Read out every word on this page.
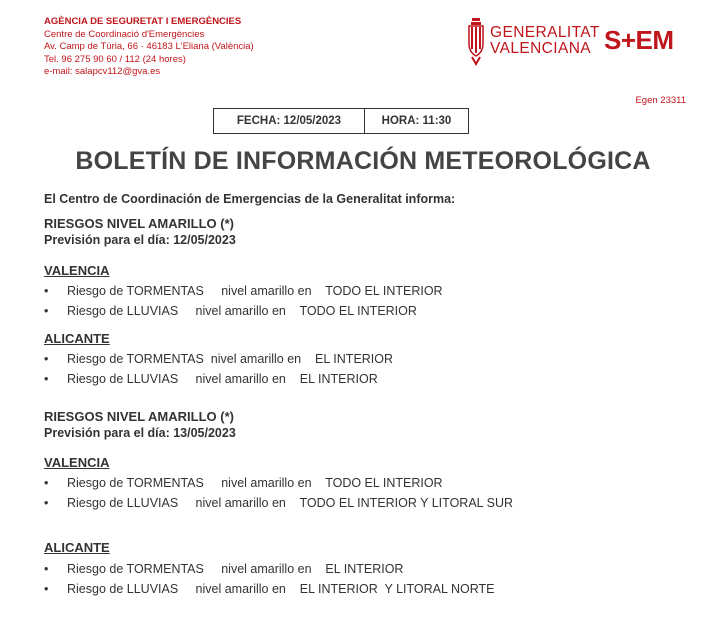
AGÈNCIA DE SEGURETAT I EMERGÈNCIES
Centre de Coordinació d'Emergències
Av. Camp de Túria, 66 · 46183 L'Eliana (València)
Tel. 96 275 90 60 / 112 (24 hores)
e-mail: salapcv112@gva.es
GENERALITAT
VALENCIANA S+EM
Egen 23311
FECHA: 12/05/2023	HORA: 11:30
BOLETÍN DE INFORMACIÓN METEOROLÓGICA
El Centro de Coordinación de Emergencias de la Generalitat informa:
RIESGOS NIVEL AMARILLO (*)
Previsión para el día: 12/05/2023
VALENCIA
• Riesgo de TORMENTAS     nivel amarillo en    TODO EL INTERIOR
• Riesgo de LLUVIAS     nivel amarillo en    TODO EL INTERIOR
ALICANTE
• Riesgo de TORMENTAS  nivel amarillo en    EL INTERIOR
• Riesgo de LLUVIAS     nivel amarillo en    EL INTERIOR
RIESGOS NIVEL AMARILLO (*)
Previsión para el día: 13/05/2023
VALENCIA
• Riesgo de TORMENTAS     nivel amarillo en    TODO EL INTERIOR
• Riesgo de LLUVIAS     nivel amarillo en    TODO EL INTERIOR Y LITORAL SUR
ALICANTE
• Riesgo de TORMENTAS     nivel amarillo en    EL INTERIOR
• Riesgo de LLUVIAS     nivel amarillo en    EL INTERIOR  Y LITORAL NORTE
